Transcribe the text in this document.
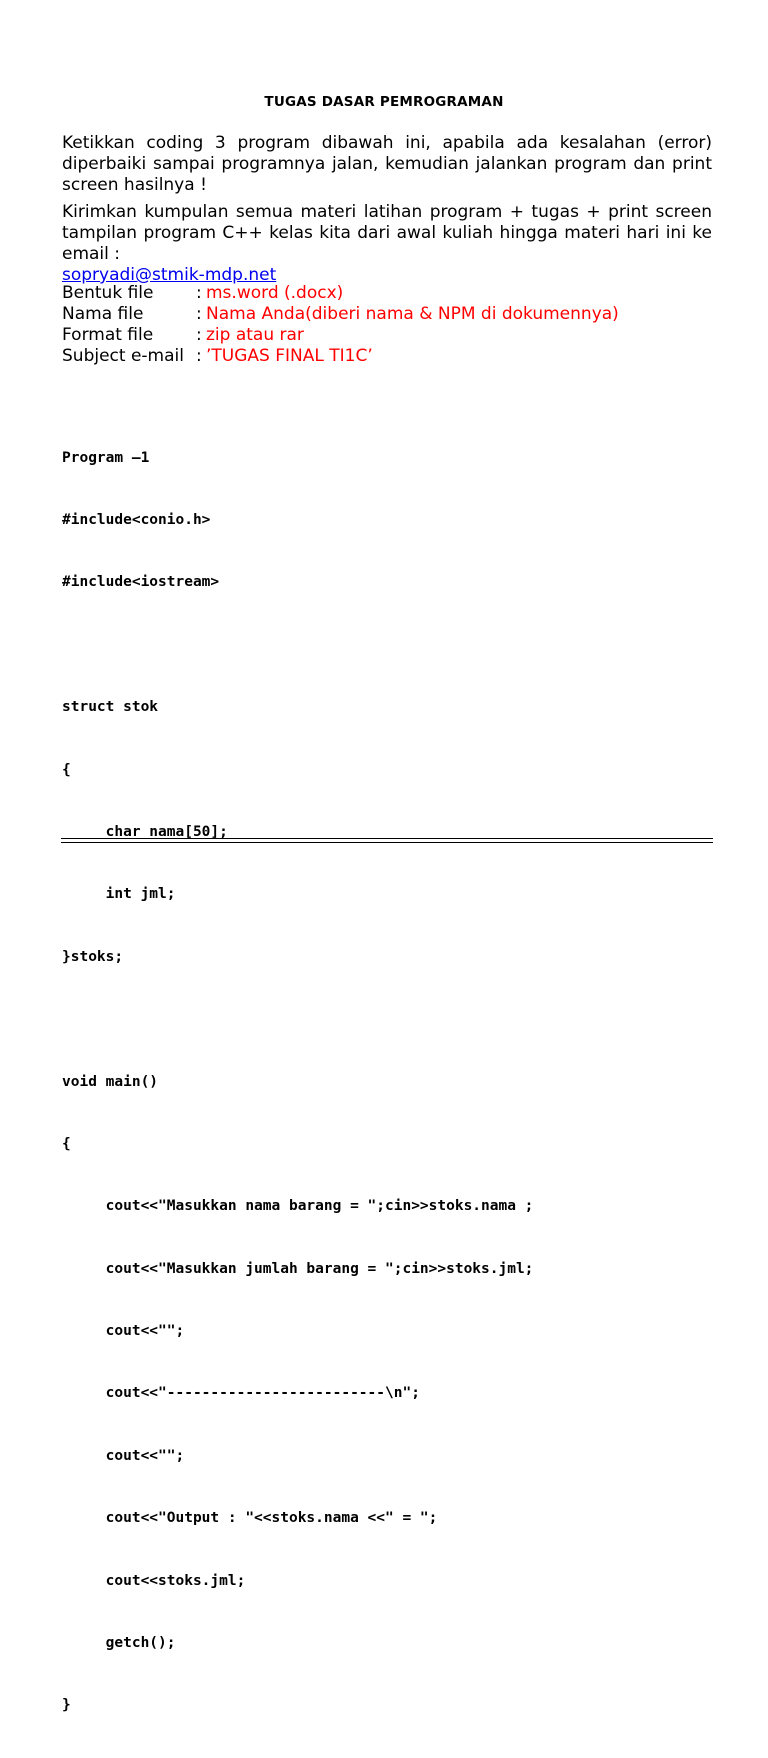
TUGAS DASAR PEMROGRAMAN
Ketikkan coding 3 program dibawah ini, apabila ada kesalahan (error) diperbaiki sampai programnya jalan, kemudian jalankan program dan print screen hasilnya !
Kirimkan kumpulan semua materi latihan program + tugas + print screen tampilan program C++ kelas kita dari awal kuliah hingga materi hari ini ke email :
sopryadi@stmik-mdp.net
Bentuk file	: ms.word (.docx)
Nama file	: Nama Anda(diberi nama & NPM di dokumennya)
Format file	: zip atau rar
Subject e-mail : ’TUGAS FINAL TI1C’

Program –1

#include<conio.h>

#include<iostream>

struct stok

{

char nama[50];

int jml;

}stoks;

void main()

{

cout<<"Masukkan nama barang = ";cin>>stoks.nama ;

cout<<"Masukkan jumlah barang = ";cin>>stoks.jml;

cout<<"";

cout<<"-------------------------\n";

cout<<"";

cout<<"Output : "<<stoks.nama <<" = ";

cout<<stoks.jml;

getch();

}
